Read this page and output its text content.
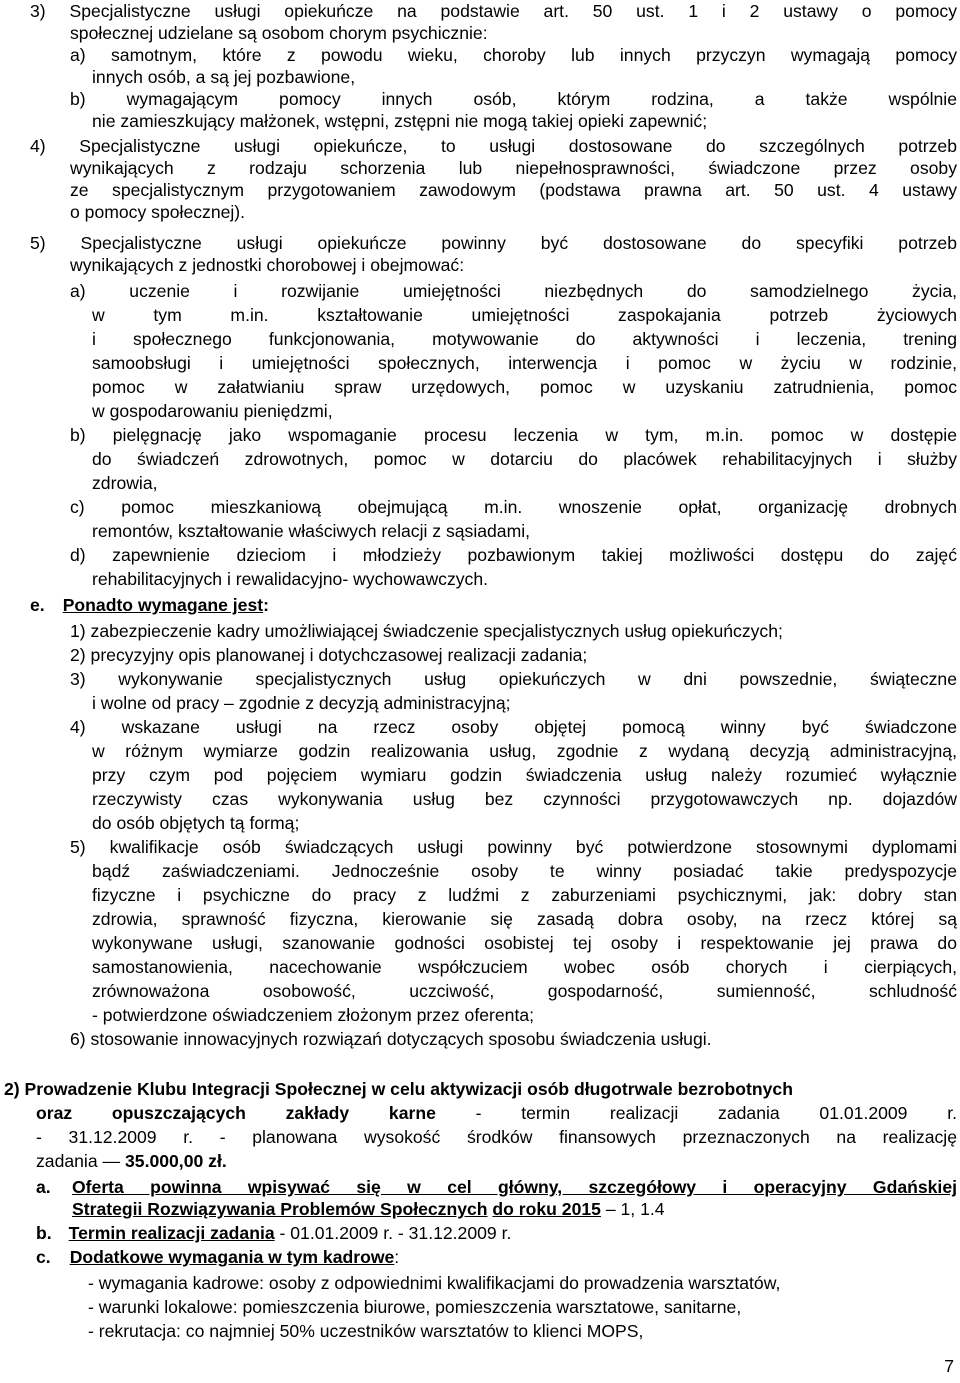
3) Specjalistyczne usługi opiekuńcze na podstawie art. 50 ust. 1 i 2 ustawy o pomocy
społecznej udzielane są osobom chorym psychicznie:
a) samotnym, które z powodu wieku, choroby lub innych przyczyn wymagają pomocy
innych osób, a są jej pozbawione,
b) wymagającym pomocy innych osób, którym rodzina, a także wspólnie
nie zamieszkujący małżonek, wstępni, zstępni nie mogą takiej opieki zapewnić;
4) Specjalistyczne usługi opiekuńcze, to usługi dostosowane do szczególnych potrzeb
wynikających z rodzaju schorzenia lub niepełnosprawności, świadczone przez osoby
ze specjalistycznym przygotowaniem zawodowym (podstawa prawna art. 50 ust. 4 ustawy
o pomocy społecznej).
5) Specjalistyczne usługi opiekuńcze powinny być dostosowane do specyfiki potrzeb
wynikających z jednostki chorobowej i obejmować:
a) uczenie i rozwijanie umiejętności niezbędnych do samodzielnego życia,
w tym m.in. kształtowanie umiejętności zaspokajania potrzeb życiowych
i społecznego funkcjonowania, motywowanie do aktywności i leczenia, trening
samoobsługi i umiejętności społecznych, interwencja i pomoc w życiu w rodzinie,
pomoc w załatwianiu spraw urzędowych, pomoc w uzyskaniu zatrudnienia, pomoc
w gospodarowaniu pieniędzmi,
b) pielęgnację jako wspomaganie procesu leczenia w tym, m.in. pomoc w dostępie
do świadczeń zdrowotnych, pomoc w dotarciu do placówek rehabilitacyjnych i służby
zdrowia,
c) pomoc mieszkaniową obejmującą m.in. wnoszenie opłat, organizację drobnych
remontów, kształtowanie właściwych relacji z sąsiadami,
d) zapewnienie dzieciom i młodzieży pozbawionym takiej możliwości dostępu do zajęć
rehabilitacyjnych i rewalidacyjno- wychowawczych.
e. Ponadto wymagane jest:
1) zabezpieczenie kadry umożliwiającej świadczenie specjalistycznych usług opiekuńczych;
2) precyzyjny opis planowanej i dotychczasowej realizacji zadania;
3) wykonywanie specjalistycznych usług opiekuńczych w dni powszednie, świąteczne
i wolne od pracy – zgodnie z decyzją administracyjną;
4) wskazane usługi na rzecz osoby objętej pomocą winny być świadczone
w różnym wymiarze godzin realizowania usług, zgodnie z wydaną decyzją administracyjną,
przy czym pod pojęciem wymiaru godzin świadczenia usług należy rozumieć wyłącznie
rzeczywisty czas wykonywania usług bez czynności przygotowawczych np. dojazdów
do osób objętych tą formą;
5) kwalifikacje osób świadczących usługi powinny być potwierdzone stosownymi dyplomami
bądź zaświadczeniami. Jednocześnie osoby te winny posiadać takie predyspozycje
fizyczne i psychiczne do pracy z ludźmi z zaburzeniami psychicznymi, jak: dobry stan
zdrowia, sprawność fizyczna, kierowanie się zasadą dobra osoby, na rzecz której są
wykonywane usługi, szanowanie godności osobistej tej osoby i respektowanie jej prawa do
samostanowienia, nacechowanie współczuciem wobec osób chorych i cierpiących,
zrównoważona osobowość, uczciwość, gospodarność, sumienność, schludność
- potwierdzone oświadczeniem złożonym przez oferenta;
6) stosowanie innowacyjnych rozwiązań dotyczących sposobu świadczenia usługi.
2) Prowadzenie Klubu Integracji Społecznej w celu aktywizacji osób długotrwale bezrobotnych
oraz opuszczających zakłady karne - termin realizacji zadania 01.01.2009 r.
- 31.12.2009 r. - planowana wysokość środków finansowych przeznaczonych na realizację
zadania — 35.000,00 zł.
a. Oferta powinna wpisywać się w cel główny, szczegółowy i operacyjny Gdańskiej
Strategii Rozwiązywania Problemów Społecznych do roku 2015 – 1, 1.4
b. Termin realizacji zadania - 01.01.2009 r. - 31.12.2009 r.
c. Dodatkowe wymagania w tym kadrowe:
- wymagania kadrowe: osoby z odpowiednimi kwalifikacjami do prowadzenia warsztatów,
- warunki lokalowe: pomieszczenia biurowe, pomieszczenia warsztatowe, sanitarne,
- rekrutacja: co najmniej 50% uczestników warsztatów to klienci MOPS,
7
